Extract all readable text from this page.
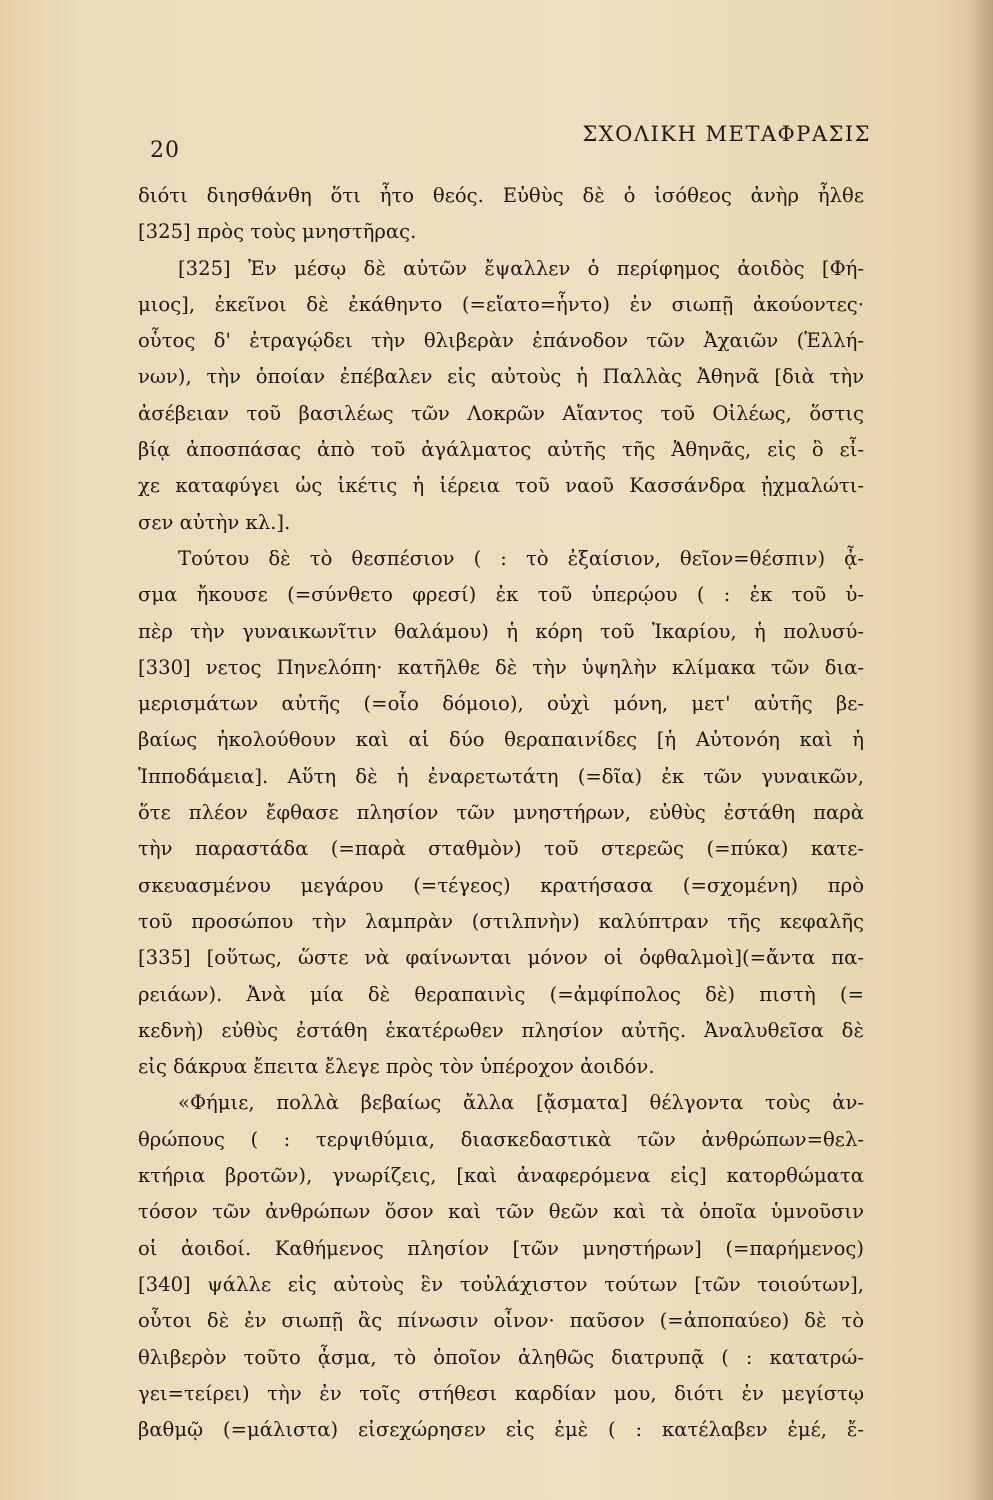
20
ΣΧΟΛΙΚΗ ΜΕΤΑΦΡΑΣΙΣ
διότι διησθάνθη ὅτι ἦτο θεός. Εὐθὺς δὲ ὁ ἰσόθεος ἀνὴρ ἦλθε
[325] πρὸς τοὺς μνηστῆρας.
[325] Ἐν μέσῳ δὲ αὐτῶν ἔψαλλεν ὁ περίφημος ἀοιδὸς [Φή-
μιος], ἐκεῖνοι δὲ ἐκάθηντο (=εἴατο=ἧντο) ἐν σιωπῇ ἀκούοντες·
οὗτος δ' ἐτραγῴδει τὴν θλιβερὰν ἐπάνοδον τῶν Ἀχαιῶν (Ἑλλή-
νων), τὴν ὁποίαν ἐπέβαλεν εἰς αὐτοὺς ἡ Παλλὰς Ἀθηνᾶ [διὰ τὴν
ἀσέβειαν τοῦ βασιλέως τῶν Λοκρῶν Αἴαντος τοῦ Οἰλέως, ὅστις
βίᾳ ἀποσπάσας ἀπὸ τοῦ ἀγάλματος αὐτῆς τῆς Ἀθηνᾶς, εἰς ὃ εἶ-
χε καταφύγει ὡς ἱκέτις ἡ ἱέρεια τοῦ ναοῦ Κασσάνδρα ᾐχμαλώτι-
σεν αὐτὴν κλ.].
Τούτου δὲ τὸ θεσπέσιον ( : τὸ ἐξαίσιον, θεῖον=θέσπιν) ᾆ-
σμα ἤκουσε (=σύνθετο φρεσί) ἐκ τοῦ ὑπερῴου ( : ἐκ τοῦ ὑ-
πὲρ τὴν γυναικωνῖτιν θαλάμου) ἡ κόρη τοῦ Ἰκαρίου, ἡ πολυσύ-
[330] νετος Πηνελόπη· κατῆλθε δὲ τὴν ὑψηλὴν κλίμακα τῶν δια-
μερισμάτων αὐτῆς (=οἷο δόμοιο), οὐχὶ μόνη, μετ' αὐτῆς βε-
βαίως ἠκολούθουν καὶ αἱ δύο θεραπαινίδες [ἡ Αὐτονόη καὶ ἡ
Ἱπποδάμεια]. Αὕτη δὲ ἡ ἐναρετωτάτη (=δῖα) ἐκ τῶν γυναικῶν,
ὅτε πλέον ἔφθασε πλησίον τῶν μνηστήρων, εὐθὺς ἐστάθη παρὰ
τὴν παραστάδα (=παρὰ σταθμὸν) τοῦ στερεῶς (=πύκα) κατε-
σκευασμένου μεγάρου (=τέγεος) κρατήσασα (=σχομένη) πρὸ
τοῦ προσώπου τὴν λαμπρὰν (στιλπνὴν) καλύπτραν τῆς κεφαλῆς
[335] [οὕτως, ὥστε νὰ φαίνωνται μόνον οἱ ὀφθαλμοὶ](=ἄντα πα-
ρειάων). Ἀνὰ μία δὲ θεραπαινὶς (=ἀμφίπολος δὲ) πιστὴ (=
κεδνὴ) εὐθὺς ἐστάθη ἑκατέρωθεν πλησίον αὐτῆς. Ἀναλυθεῖσα δὲ
εἰς δάκρυα ἔπειτα ἔλεγε πρὸς τὸν ὑπέροχον ἀοιδόν.
«Φήμιε, πολλὰ βεβαίως ἄλλα [ᾄσματα] θέλγοντα τοὺς ἀν-
θρώπους ( : τερψιθύμια, διασκεδαστικὰ τῶν ἀνθρώπων=θελ-
κτήρια βροτῶν), γνωρίζεις, [καὶ ἀναφερόμενα εἰς] κατορθώματα
τόσον τῶν ἀνθρώπων ὅσον καὶ τῶν θεῶν καὶ τὰ ὁποῖα ὑμνοῦσιν
οἱ ἀοιδοί. Καθήμενος πλησίον [τῶν μνηστήρων] (=παρήμενος)
[340] ψάλλε εἰς αὐτοὺς ἓν τοὐλάχιστον τούτων [τῶν τοιούτων],
οὗτοι δὲ ἐν σιωπῇ ἂς πίνωσιν οἶνον· παῦσον (=ἀποπαύεο) δὲ τὸ
θλιβερὸν τοῦτο ᾆσμα, τὸ ὁποῖον ἀληθῶς διατρυπᾷ ( : κατατρώ-
γει=τείρει) τὴν ἐν τοῖς στήθεσι καρδίαν μου, διότι ἐν μεγίστῳ
βαθμῷ (=μάλιστα) εἰσεχώρησεν εἰς ἐμὲ ( : κατέλαβεν ἐμέ, ἔ-
